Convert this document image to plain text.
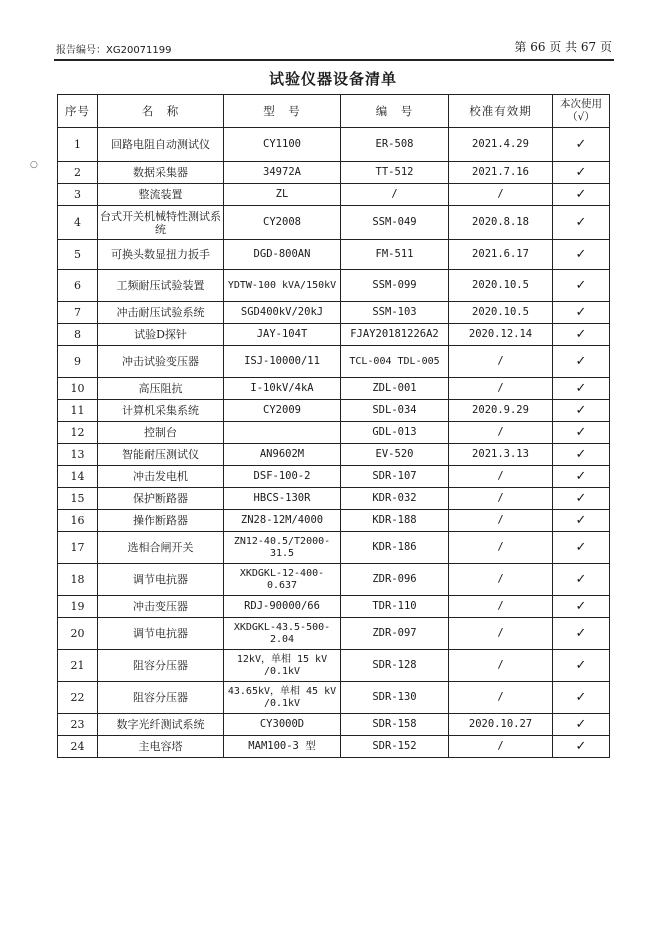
报告编号：XG20071199	第 66 页 共 67 页
试验仪器设备清单
○
序号	名　称	型　号	编　号	校准有效期	本次使用（√）
1	回路电阻自动测试仪	CY1100	ER-508	2021.4.29	✓
2	数据采集器	34972A	TT-512	2021.7.16	✓
3	整流装置	ZL	/	/	✓
4	台式开关机械特性测试系统	CY2008	SSM-049	2020.8.18	✓
5	可换头数显扭力扳手	DGD-800AN	FM-511	2021.6.17	✓
6	工频耐压试验装置	YDTW-100 kVA/150kV	SSM-099	2020.10.5	✓
7	冲击耐压试验系统	SGD400kV/20kJ	SSM-103	2020.10.5	✓
8	试验D探针	JAY-104T	FJAY20181226A2	2020.12.14	✓
9	冲击试验变压器	ISJ-10000/11	TCL-004 TDL-005	/	✓
10	高压阻抗	I-10kV/4kA	ZDL-001	/	✓
11	计算机采集系统	CY2009	SDL-034	2020.9.29	✓
12	控制台		GDL-013	/	✓
13	智能耐压测试仪	AN9602M	EV-520	2021.3.13	✓
14	冲击发电机	DSF-100-2	SDR-107	/	✓
15	保护断路器	HBCS-130R	KDR-032	/	✓
16	操作断路器	ZN28-12M/4000	KDR-188	/	✓
17	选相合闸开关	ZN12-40.5/T2000-31.5	KDR-186	/	✓
18	调节电抗器	XKDGKL-12-400-0.637	ZDR-096	/	✓
19	冲击变压器	RDJ-90000/66	TDR-110	/	✓
20	调节电抗器	XKDGKL-43.5-500-2.04	ZDR-097	/	✓
21	阻容分压器	12kV，单相 15 kV /0.1kV	SDR-128	/	✓
22	阻容分压器	43.65kV，单相 45 kV /0.1kV	SDR-130	/	✓
23	数字光纤测试系统	CY3000D	SDR-158	2020.10.27	✓
24	主电容塔	MAM100-3 型	SDR-152	/	✓
